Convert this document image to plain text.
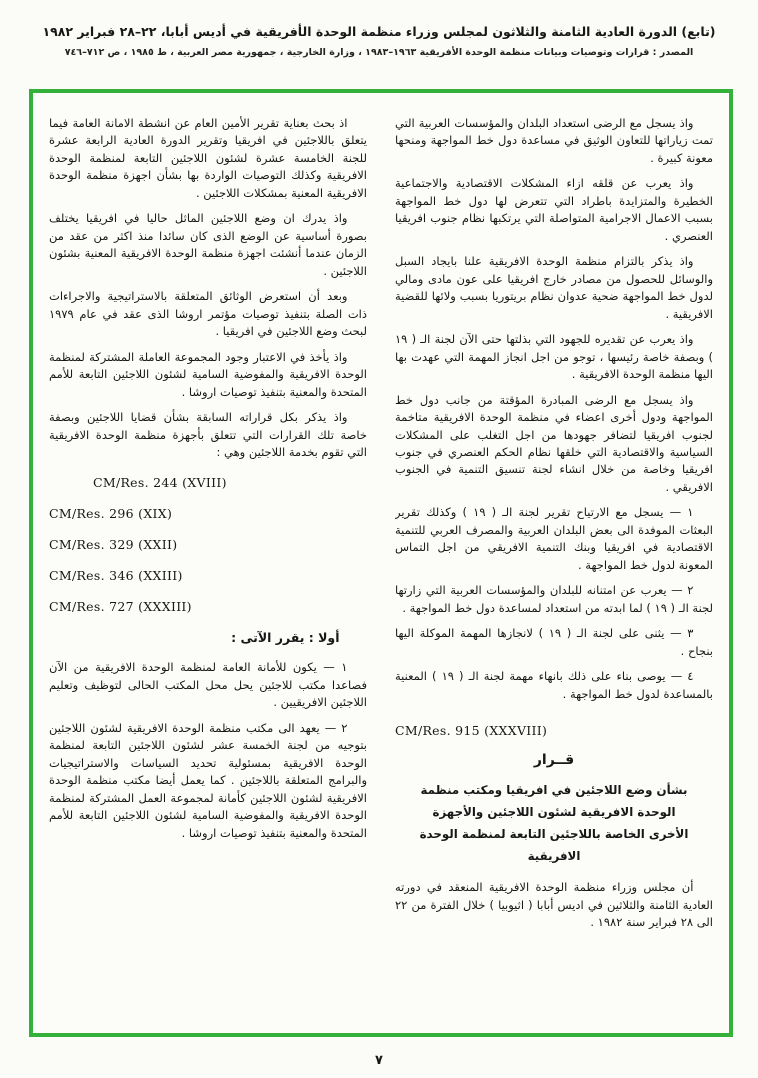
(تابع) الدورة العادية الثامنة والثلاثون لمجلس وزراء منظمة الوحدة الأفريقية في أديس أبابا، ٢٢–٢٨ فبراير ١٩٨٢
المصدر : قرارات وتوصيات وبيانات منظمة الوحدة الأفريقية ١٩٦٣–١٩٨٣ ، وزارة الخارجية ، جمهورية مصر العربية ، ط ١٩٨٥ ، ص ٧١٢–٧٤٦

واذ يسجل مع الرضى استعداد البلدان والمؤسسات العربية التي تمت زياراتها للتعاون الوثيق في مساعدة دول خط المواجهة ومنحها معونة كبيرة .

واذ يعرب عن قلقه ازاء المشكلات الاقتصادية والاجتماعية الخطيرة والمتزايدة باطراد التي تتعرض لها دول خط المواجهة بسبب الاعمال الاجرامية المتواصلة التي يرتكبها نظام جنوب افريقيا العنصري .

واذ يذكر بالتزام منظمة الوحدة الافريقية علنا بايجاد السبل والوسائل للحصول من مصادر خارج افريقيا على عون مادى ومالي لدول خط المواجهة ضحية عدوان نظام بريتوريا بسبب ولائها للقضية الافريقية .

واذ يعرب عن تقديره للجهود التي بذلتها حتى الآن لجنة الـ ( ١٩ ) وبصفة خاصة رئيسها ، توجو من اجل انجاز المهمة التي عهدت بها اليها منظمة الوحدة الافريقية .

واذ يسجل مع الرضى المبادرة المؤقتة من جانب دول خط المواجهة ودول أخرى اعضاء في منظمة الوحدة الافريقية متاخمة لجنوب افريقيا لتضافر جهودها من اجل التغلب على المشكلات السياسية والاقتصادية التي خلقها نظام الحكم العنصري في جنوب افريقيا وخاصة من خلال انشاء لجنة تنسيق التنمية في الجنوب الافريقي .

١ — يسجل مع الارتياح تقرير لجنة الـ ( ١٩ ) وكذلك تقرير البعثات الموفدة الى بعض البلدان العربية والمصرف العربي للتنمية الاقتصادية في افريقيا وبنك التنمية الافريقي من اجل التماس المعونة لدول خط المواجهة .

٢ — يعرب عن امتنانه للبلدان والمؤسسات العربية التي زارتها لجنة الـ ( ١٩ ) لما ابدته من استعداد لمساعدة دول خط المواجهة .

٣ — يثنى على لجنة الـ ( ١٩ ) لانجازها المهمة الموكلة اليها بنجاح .

٤ — يوصى بناء على ذلك بانهاء مهمة لجنة الـ ( ١٩ ) المعنية بالمساعدة لدول خط المواجهة .

CM/Res. 915 (XXXVIII)
قــرار
بشأن وضع اللاجئين في افريقيا ومكتب منظمة الوحدة الافريقية لشئون اللاجئين والأجهزة الأخرى الخاصة باللاجئين التابعة لمنظمة الوحدة الافريقية

أن مجلس وزراء منظمة الوحدة الافريقية المنعقد في دورته العادية الثامنة والثلاثين في اديس أبابا ( اثيوبيا ) خلال الفترة من ٢٢ الى ٢٨ فبراير سنة ١٩٨٢ .

اذ بحث بعناية تقرير الأمين العام عن انشطة الامانة العامة فيما يتعلق باللاجئين في افريقيا وتقرير الدورة العادية الرابعة عشرة للجنة الخامسة عشرة لشئون اللاجئين التابعة لمنظمة الوحدة الافريقية وكذلك التوصيات الواردة بها بشأن اجهزة منظمة الوحدة الافريقية المعنية بمشكلات اللاجئين .

واذ يدرك ان وضع اللاجئين الماثل حاليا في افريقيا يختلف بصورة أساسية عن الوضع الذى كان سائدا منذ اكثر من عقد من الزمان عندما أنشئت اجهزة منظمة الوحدة الافريقية المعنية بشئون اللاجئين .

وبعد أن استعرض الوثائق المتعلقة بالاستراتيجية والاجراءات ذات الصلة بتنفيذ توصيات مؤتمر اروشا الذى عقد في عام ١٩٧٩ لبحث وضع اللاجئين في افريقيا .

واذ يأخذ في الاعتبار وجود المجموعة العاملة المشتركة لمنظمة الوحدة الافريقية والمفوضية السامية لشئون اللاجئين التابعة للأمم المتحدة والمعنية بتنفيذ توصيات اروشا .

واذ يذكر بكل قراراته السابقة بشأن قضايا اللاجئين وبصفة خاصة تلك القرارات التي تتعلق بأجهزة منظمة الوحدة الافريقية التي تقوم بخدمة اللاجئين وهي :

CM/Res. 244 (XVIII)
CM/Res. 296 (XIX)
CM/Res. 329 (XXII)
CM/Res. 346 (XXIII)
CM/Res. 727 (XXXIII)
أولا : يقرر الآتى :

١ — يكون للأمانة العامة لمنظمة الوحدة الافريقية من الآن فصاعدا مكتب للاجئين يحل محل المكتب الحالى لتوظيف وتعليم اللاجئين الافريقيين .

٢ — يعهد الى مكتب منظمة الوحدة الافريقية لشئون اللاجئين بتوجيه من لجنة الخمسة عشر لشئون اللاجئين التابعة لمنظمة الوحدة الافريقية بمسئولية تحديد السياسات والاستراتيجيات والبرامج المتعلقة باللاجئين . كما يعمل أيضا مكتب منظمة الوحدة الافريقية لشئون اللاجئين كأمانة لمجموعة العمل المشتركة لمنظمة الوحدة الافريقية والمفوضية السامية لشئون اللاجئين التابعة للأمم المتحدة والمعنية بتنفيذ توصيات اروشا .

٧
